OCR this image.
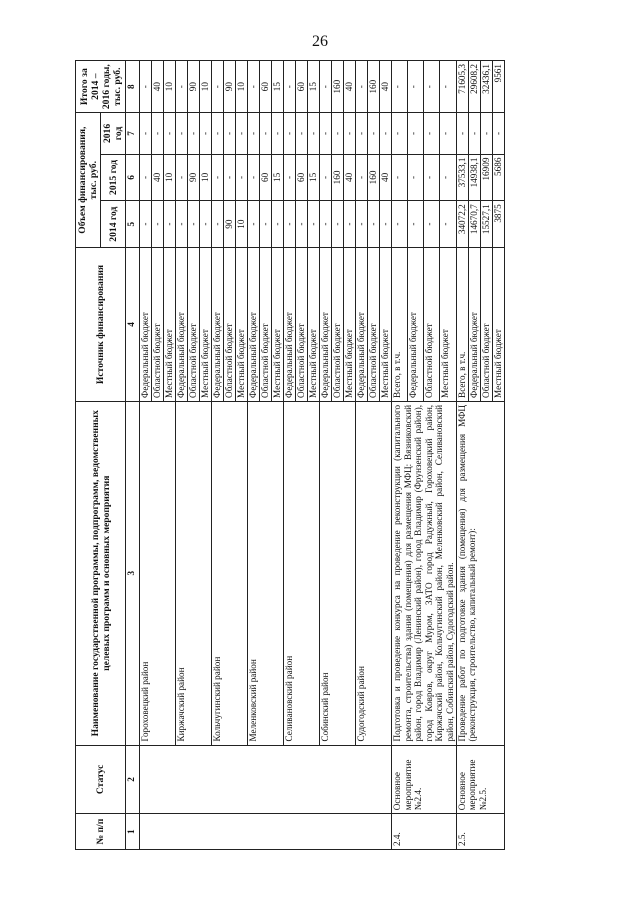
26
№ п/п	Статус	Наименование государственной программы, подпрограмм, ведомственных целевых программ и основных мероприятия	Источник финансирования	Объем финансирования, тыс. руб.			Итого за 2014 – 2016 годы, тыс. руб.
				2014 год	2015 год	2016 год	
1	2	3	4	5	6	7	8
		Гороховецкий район	Федеральный бюджет	-	-	-	-
			Областной бюджет	-	40	-	40
			Местный бюджет	-	10	-	10
		Киржачский район	Федеральный бюджет	-	-	-	-
			Областной бюджет	-	90	-	90
			Местный бюджет	-	10	-	10
		Кольчугинский район	Федеральный бюджет	-	-	-	-
			Областной бюджет	90	-	-	90
			Местный бюджет	10	-	-	10
		Меленковский район	Федеральный бюджет	-	-	-	-
			Областной бюджет	-	60	-	60
			Местный бюджет	-	15	-	15
		Селивановский район	Федеральный бюджет	-	-	-	-
			Областной бюджет	-	60	-	60
			Местный бюджет	-	15	-	15
		Собинский район	Федеральный бюджет	-	-	-	-
			Областной бюджет	-	160	-	160
			Местный бюджет	-	40	-	40
		Судогодский район	Федеральный бюджет	-	-	-	-
			Областной бюджет	-	160	-	160
			Местный бюджет	-	40	-	40
2.4.	Основное мероприятие №2.4.	Подготовка и проведение конкурса на проведение реконструкции (капитального ремонта, строительства) здания (помещения) для размещения МФЦ: Вязниковский район, город Владимир (Ленинский район), город Владимир (Фрунзенский район), город Ковров, округ Муром, ЗАТО город Радужный, Гороховецкий район, Киржачский район, Кольчугинский район, Меленковский район, Селивановский район, Собинский район, Судогодский район.	Всего, в т.ч.	-	-	-	-
			Федеральный бюджет	-	-	-	-
			Областной бюджет	-	-	-	-
			Местный бюджет	-	-	-	-
2.5.	Основное мероприятие №2.5.	Проведение работ по подготовке здания (помещения) для размещения МФЦ (реконструкция, строительство, капитальный ремонт):	Всего, в т.ч.	34072,2	37533,1	-	71605,3
			Федеральный бюджет	14670,7	14938,1	-	29608,2
			Областной бюджет	15527,1	16909	-	32436,1
			Местный бюджет	3875	5686	-	9561
